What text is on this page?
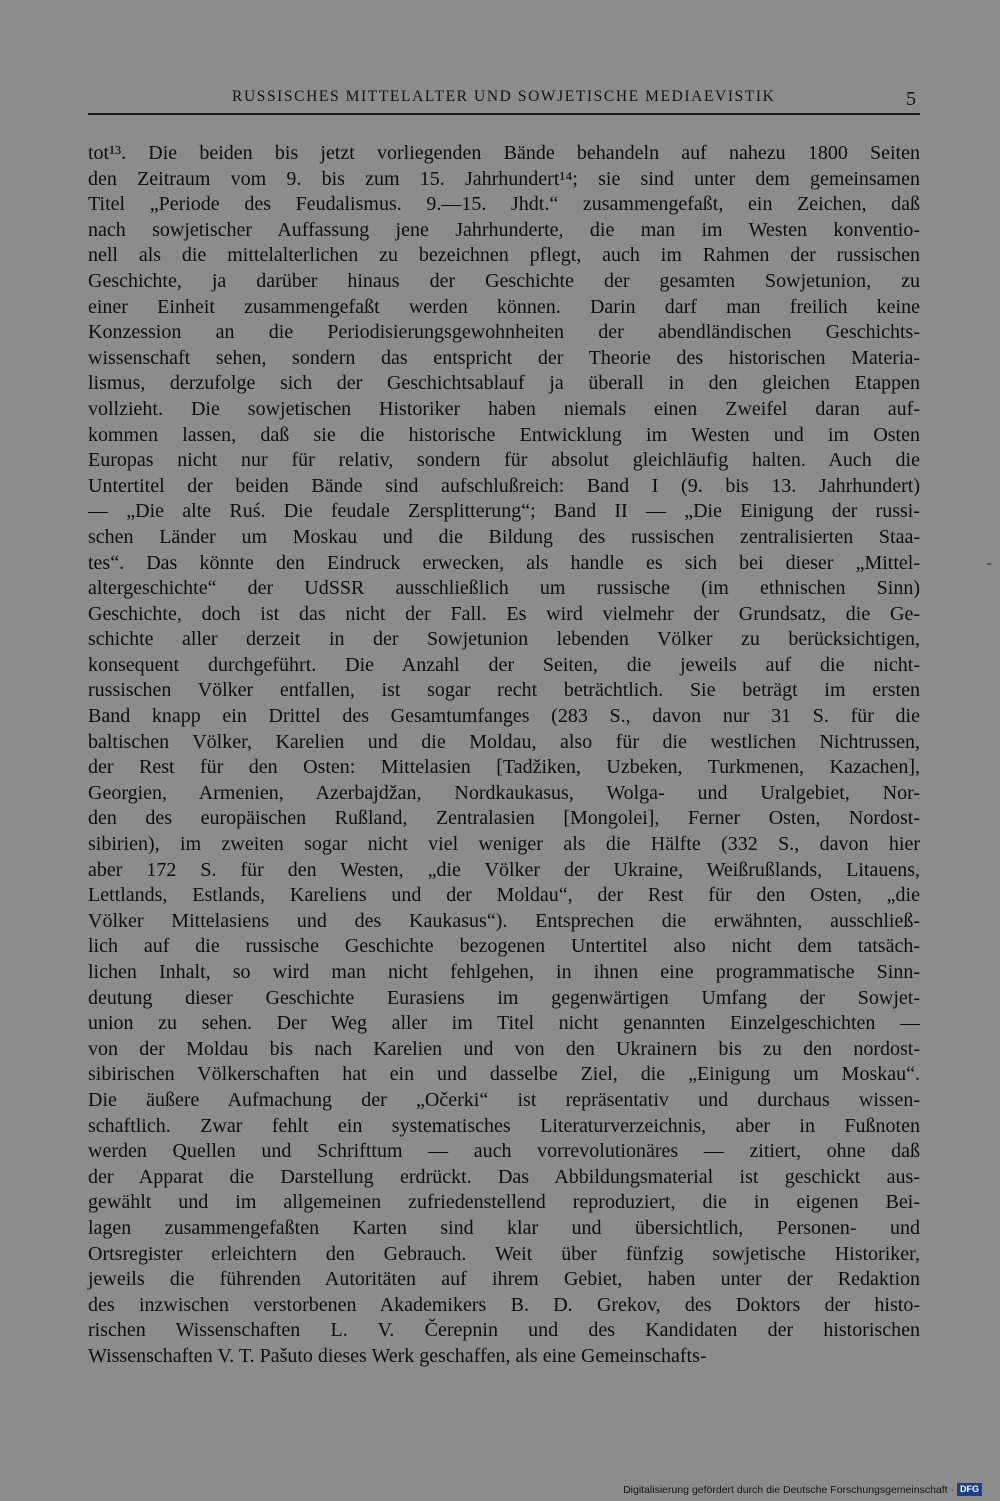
RUSSISCHES MITTELALTER UND SOWJETISCHE MEDIAEVISTIK	5
tot¹³. Die beiden bis jetzt vorliegenden Bände behandeln auf nahezu 1800 Seiten
den Zeitraum vom 9. bis zum 15. Jahrhundert¹⁴; sie sind unter dem gemeinsamen
Titel „Periode des Feudalismus. 9.—15. Jhdt.“ zusammengefaßt, ein Zeichen, daß
nach sowjetischer Auffassung jene Jahrhunderte, die man im Westen konventio-
nell als die mittelalterlichen zu bezeichnen pflegt, auch im Rahmen der russischen
Geschichte, ja darüber hinaus der Geschichte der gesamten Sowjetunion, zu
einer Einheit zusammengefaßt werden können. Darin darf man freilich keine
Konzession an die Periodisierungsgewohnheiten der abendländischen Geschichts-
wissenschaft sehen, sondern das entspricht der Theorie des historischen Materia-
lismus, derzufolge sich der Geschichtsablauf ja überall in den gleichen Etappen
vollzieht. Die sowjetischen Historiker haben niemals einen Zweifel daran auf-
kommen lassen, daß sie die historische Entwicklung im Westen und im Osten
Europas nicht nur für relativ, sondern für absolut gleichläufig halten. Auch die
Untertitel der beiden Bände sind aufschlußreich: Band I (9. bis 13. Jahrhundert)
— „Die alte Ruś. Die feudale Zersplitterung“; Band II — „Die Einigung der russi-
schen Länder um Moskau und die Bildung des russischen zentralisierten Staa-
tes“. Das könnte den Eindruck erwecken, als handle es sich bei dieser „Mittel-
altergeschichte“ der UdSSR ausschließlich um russische (im ethnischen Sinn)
Geschichte, doch ist das nicht der Fall. Es wird vielmehr der Grundsatz, die Ge-
schichte aller derzeit in der Sowjetunion lebenden Völker zu berücksichtigen,
konsequent durchgeführt. Die Anzahl der Seiten, die jeweils auf die nicht-
russischen Völker entfallen, ist sogar recht beträchtlich. Sie beträgt im ersten
Band knapp ein Drittel des Gesamtumfanges (283 S., davon nur 31 S. für die
baltischen Völker, Karelien und die Moldau, also für die westlichen Nichtrussen,
der Rest für den Osten: Mittelasien [Tadžiken, Uzbeken, Turkmenen, Kazachen],
Georgien, Armenien, Azerbajdžan, Nordkaukasus, Wolga- und Uralgebiet, Nor-
den des europäischen Rußland, Zentralasien [Mongolei], Ferner Osten, Nordost-
sibirien), im zweiten sogar nicht viel weniger als die Hälfte (332 S., davon hier
aber 172 S. für den Westen, „die Völker der Ukraine, Weißrußlands, Litauens,
Lettlands, Estlands, Kareliens und der Moldau“, der Rest für den Osten, „die
Völker Mittelasiens und des Kaukasus“). Entsprechen die erwähnten, ausschließ-
lich auf die russische Geschichte bezogenen Untertitel also nicht dem tatsäch-
lichen Inhalt, so wird man nicht fehlgehen, in ihnen eine programmatische Sinn-
deutung dieser Geschichte Eurasiens im gegenwärtigen Umfang der Sowjet-
union zu sehen. Der Weg aller im Titel nicht genannten Einzelgeschichten —
von der Moldau bis nach Karelien und von den Ukrainern bis zu den nordost-
sibirischen Völkerschaften hat ein und dasselbe Ziel, die „Einigung um Moskau“.
Die äußere Aufmachung der „Očerki“ ist repräsentativ und durchaus wissen-
schaftlich. Zwar fehlt ein systematisches Literaturverzeichnis, aber in Fußnoten
werden Quellen und Schrifttum — auch vorrevolutionäres — zitiert, ohne daß
der Apparat die Darstellung erdrückt. Das Abbildungsmaterial ist geschickt aus-
gewählt und im allgemeinen zufriedenstellend reproduziert, die in eigenen Bei-
lagen zusammengefaßten Karten sind klar und übersichtlich, Personen- und
Ortsregister erleichtern den Gebrauch. Weit über fünfzig sowjetische Historiker,
jeweils die führenden Autoritäten auf ihrem Gebiet, haben unter der Redaktion
des inzwischen verstorbenen Akademikers B. D. Grekov, des Doktors der histo-
rischen Wissenschaften L. V. Čerepnin und des Kandidaten der historischen
Wissenschaften V. T. Pašuto dieses Werk geschaffen, als eine Gemeinschafts-
-
Digitalisierung gefördert durch die Deutsche Forschungsgemeinschaft · DFG
